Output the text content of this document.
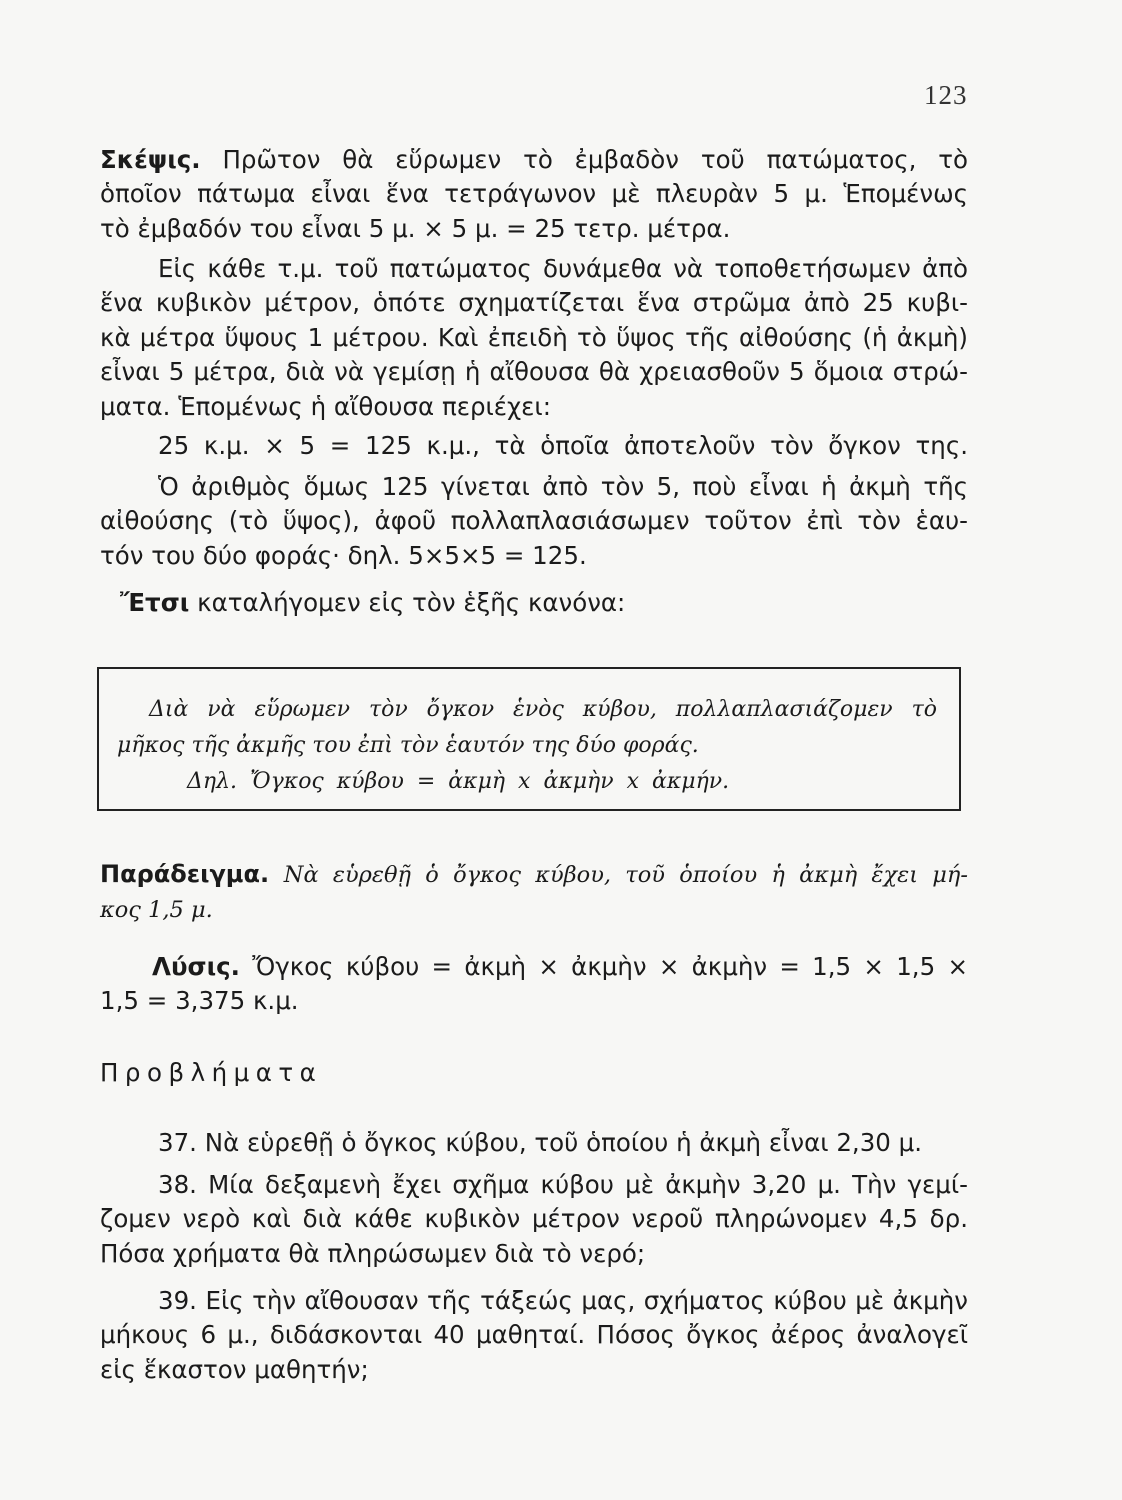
123

Σκέψις. Πρῶτον θὰ εὕρωμεν τὸ ἐμβαδὸν τοῦ πατώματος, τὸ

ὁποῖον πάτωμα εἶναι ἕνα τετράγωνον μὲ πλευρὰν 5 μ. Ἑπομένως

τὸ ἐμβαδόν του εἶναι 5 μ. × 5 μ. = 25 τετρ. μέτρα.

Εἰς κάθε τ.μ. τοῦ πατώματος δυνάμεθα νὰ τοποθετήσωμεν ἀπὸ

ἕνα κυβικὸν μέτρον, ὁπότε σχηματίζεται ἕνα στρῶμα ἀπὸ 25 κυβι-

κὰ μέτρα ὕψους 1 μέτρου. Καὶ ἐπειδὴ τὸ ὕψος τῆς αἰθούσης (ἡ ἀκμὴ)

εἶναι 5 μέτρα, διὰ νὰ γεμίσῃ ἡ αἴθουσα θὰ χρειασθοῦν 5 ὅμοια στρώ-

ματα. Ἑπομένως ἡ αἴθουσα περιέχει:

25 κ.μ. × 5 = 125 κ.μ., τὰ ὁποῖα ἀποτελοῦν τὸν ὄγκον της.

Ὁ ἀριθμὸς ὅμως 125 γίνεται ἀπὸ τὸν 5, ποὺ εἶναι ἡ ἀκμὴ τῆς

αἰθούσης (τὸ ὕψος), ἀφοῦ πολλαπλασιάσωμεν τοῦτον ἐπὶ τὸν ἑαυ-

τόν του δύο φοράς· δηλ. 5×5×5 = 125.

Ἔτσι καταλήγομεν εἰς τὸν ἑξῆς κανόνα:

Διὰ νὰ εὕρωμεν τὸν ὄγκον ἑνὸς κύβου, πολλαπλασιάζομεν τὸ

μῆκος τῆς ἀκμῆς του ἐπὶ τὸν ἑαυτόν της δύο φοράς.

Δηλ. Ὄγκος κύβου = ἀκμὴ x ἀκμὴν x ἀκμήν.

Παράδειγμα. Νὰ εὑρεθῇ ὁ ὄγκος κύβου, τοῦ ὁποίου ἡ ἀκμὴ ἔχει μή-

κος 1,5 μ.

Λύσις. Ὄγκος κύβου = ἀκμὴ × ἀκμὴν × ἀκμὴν = 1,5 × 1,5 ×

1,5 = 3,375 κ.μ.

Προβλήματα

37. Νὰ εὑρεθῇ ὁ ὄγκος κύβου, τοῦ ὁποίου ἡ ἀκμὴ εἶναι 2,30 μ.

38. Μία δεξαμενὴ ἔχει σχῆμα κύβου μὲ ἀκμὴν 3,20 μ. Τὴν γεμί-

ζομεν νερὸ καὶ διὰ κάθε κυβικὸν μέτρον νεροῦ πληρώνομεν 4,5 δρ.

Πόσα χρήματα θὰ πληρώσωμεν διὰ τὸ νερό;

39. Εἰς τὴν αἴθουσαν τῆς τάξεώς μας, σχήματος κύβου μὲ ἀκμὴν

μήκους 6 μ., διδάσκονται 40 μαθηταί. Πόσος ὄγκος ἀέρος ἀναλογεῖ

εἰς ἕκαστον μαθητήν;
